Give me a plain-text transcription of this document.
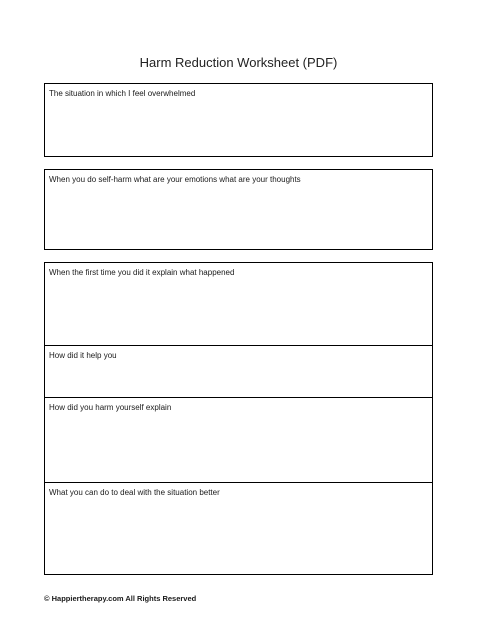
Harm Reduction Worksheet (PDF)
The situation in which I feel overwhelmed
When you do self-harm what are your emotions what are your thoughts
When the first time you did it explain what happened
How did it help you
How did you harm yourself explain
What you can do to deal with the situation better
© Happiertherapy.com All Rights Reserved
